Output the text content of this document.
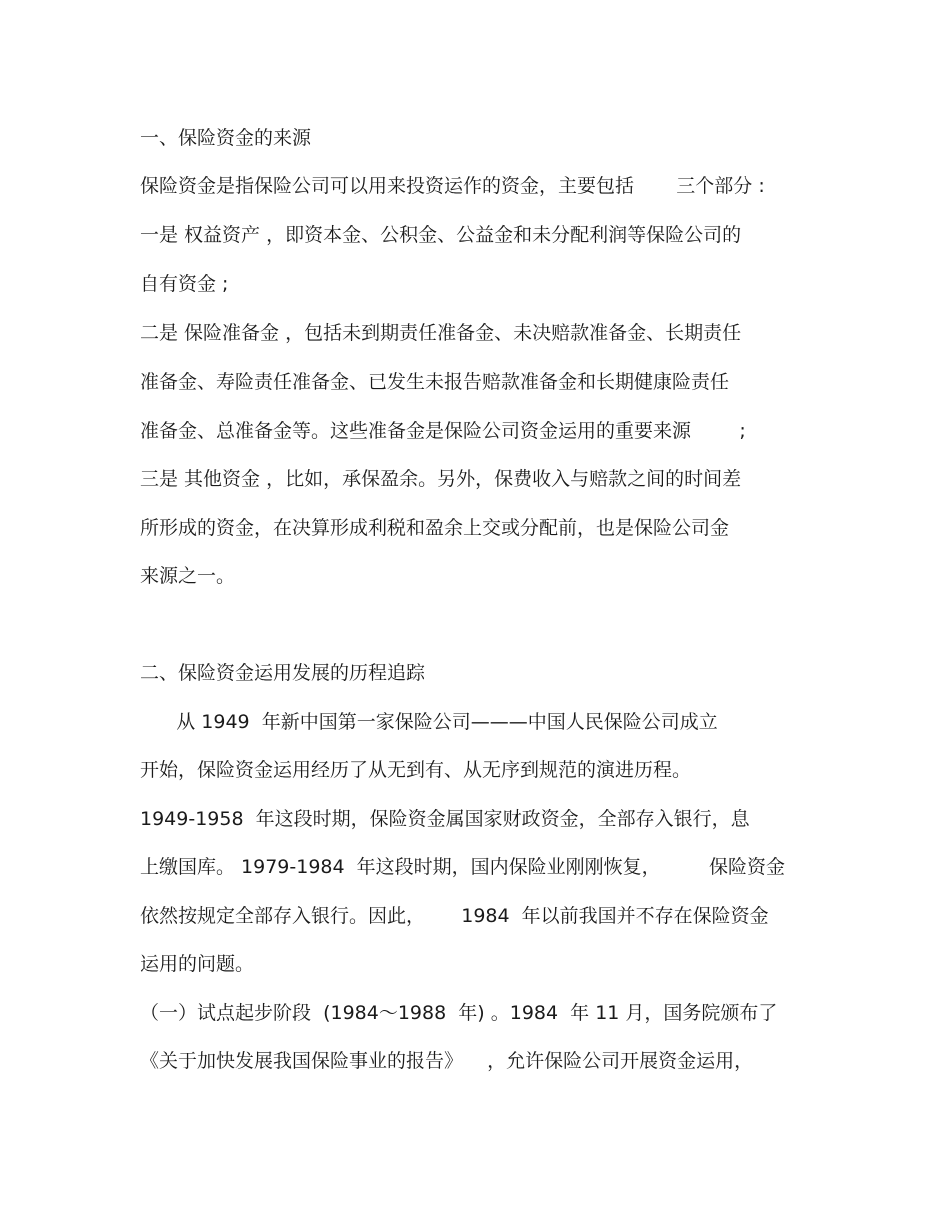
一、保险资金的来源
保险资金是指保险公司可以用来投资运作的资金，主要包括       三个部分 :
一是 权益资产 ，即资本金、公积金、公益金和未分配利润等保险公司的
自有资金 ;
二是 保险准备金 ，包括未到期责任准备金、未决赔款准备金、长期责任
准备金、寿险责任准备金、已发生未报告赔款准备金和长期健康险责任
准备金、总准备金等。这些准备金是保险公司资金运用的重要来源        ;
三是 其他资金 ，比如，承保盈余。另外，保费收入与赔款之间的时间差
所形成的资金，在决算形成利税和盈余上交或分配前，也是保险公司金
来源之一。
二、保险资金运用发展的历程追踪
从 1949  年新中国第一家保险公司———中国人民保险公司成立
开始，保险资金运用经历了从无到有、从无序到规范的演进历程。
1949-1958  年这段时期，保险资金属国家财政资金，全部存入银行，息
上缴国库。 1979-1984  年这段时期，国内保险业刚刚恢复，        保险资金
依然按规定全部存入银行。因此，      1984  年以前我国并不存在保险资金
运用的问题。
（一）试点起步阶段  (1984～1988  年) 。1984  年 11 月，国务院颁布了
《关于加快发展我国保险事业的报告》    ，允许保险公司开展资金运用，
